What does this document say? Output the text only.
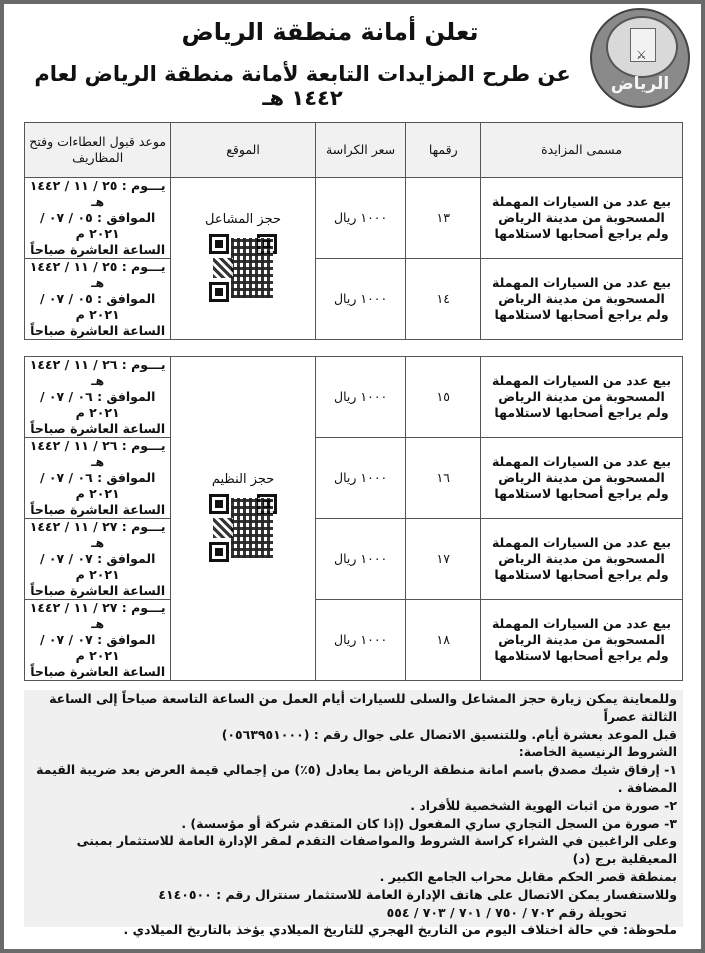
⚔
الرياض
تعلن أمانة منطقة الرياض
عن طرح المزايدات التابعة لأمانة منطقة الرياض لعام ١٤٤٢ هـ
مسمى المزايدة	رقمها	سعر الكراسة	الموقع	موعد قبول العطاءات وفتح المظاريف
بيع عدد من السيارات المهملة المسحوبة من مدينة الرياض ولم يراجع أصحابها لاستلامها	١٣	١٠٠٠ ريال	حجز المشاعل	يـــوم : ٢٥ / ١١ / ١٤٤٢ هـ
الموافق : ٠٥ / ٠٧ / ٢٠٢١ م
الساعة العاشرة صباحاً

بيع عدد من السيارات المهملة المسحوبة من مدينة الرياض ولم يراجع أصحابها لاستلامها	١٤	١٠٠٠ ريال		يـــوم : ٢٥ / ١١ / ١٤٤٢ هـ
الموافق : ٠٥ / ٠٧ / ٢٠٢١ م
الساعة العاشرة صباحاً
بيع عدد من السيارات المهملة المسحوبة من مدينة الرياض ولم يراجع أصحابها لاستلامها	١٥	١٠٠٠ ريال	حجز النظيم	يـــوم : ٢٦ / ١١ / ١٤٤٢ هـ
الموافق : ٠٦ / ٠٧ / ٢٠٢١ م
الساعة العاشرة صباحاً

بيع عدد من السيارات المهملة المسحوبة من مدينة الرياض ولم يراجع أصحابها لاستلامها	١٦	١٠٠٠ ريال		يـــوم : ٢٦ / ١١ / ١٤٤٢ هـ
الموافق : ٠٦ / ٠٧ / ٢٠٢١ م
الساعة العاشرة صباحاً

بيع عدد من السيارات المهملة المسحوبة من مدينة الرياض ولم يراجع أصحابها لاستلامها	١٧	١٠٠٠ ريال		يـــوم : ٢٧ / ١١ / ١٤٤٢ هـ
الموافق : ٠٧ / ٠٧ / ٢٠٢١ م
الساعة العاشرة صباحاً

بيع عدد من السيارات المهملة المسحوبة من مدينة الرياض ولم يراجع أصحابها لاستلامها	١٨	١٠٠٠ ريال		يـــوم : ٢٧ / ١١ / ١٤٤٢ هـ
الموافق : ٠٧ / ٠٧ / ٢٠٢١ م
الساعة العاشرة صباحاً

وللمعاينة يمكن زيارة حجز المشاعل والسلى للسيارات أيام العمل من الساعة التاسعة صباحاً إلى الساعة الثالثة عصراً

قبل الموعد بعشرة أيام. وللتنسيق الاتصال على جوال رقم : (٠٥٦٣٩٥١٠٠٠)

الشروط الرنيسية الخاصة:

١- إرفاق شيك مصدق باسم امانة منطقة الرياض بما يعادل (٥٪) من إجمالي قيمة العرض بعد ضريبة القيمة المضافة .

٢- صورة من اثبات الهوية الشخصية للأفراد .

٣- صورة من السجل التجاري ساري المفعول (إذا كان المتقدم شركة أو مؤسسة) .

وعلى الراغبين في الشراء كراسة الشروط والمواصفات التقدم لمقر الإدارة العامة للاستثمار بمبنى المعيقلية برج (د)

بمنطقة قصر الحكم مقابل محراب الجامع الكبير .

وللاستفسار يمكن الاتصال على هاتف الإدارة العامة للاستثمار سنترال رقم : ٤١٤٠٥٠٠

تحويلة رقم ٧٠٢ / ٧٥٠ / ٧٠١ / ٧٠٣ / ٥٥٤

ملحوظة: في حالة اختلاف اليوم من التاريخ الهجري للتاريخ الميلادي يؤخذ بالتاريخ الميلادي .
